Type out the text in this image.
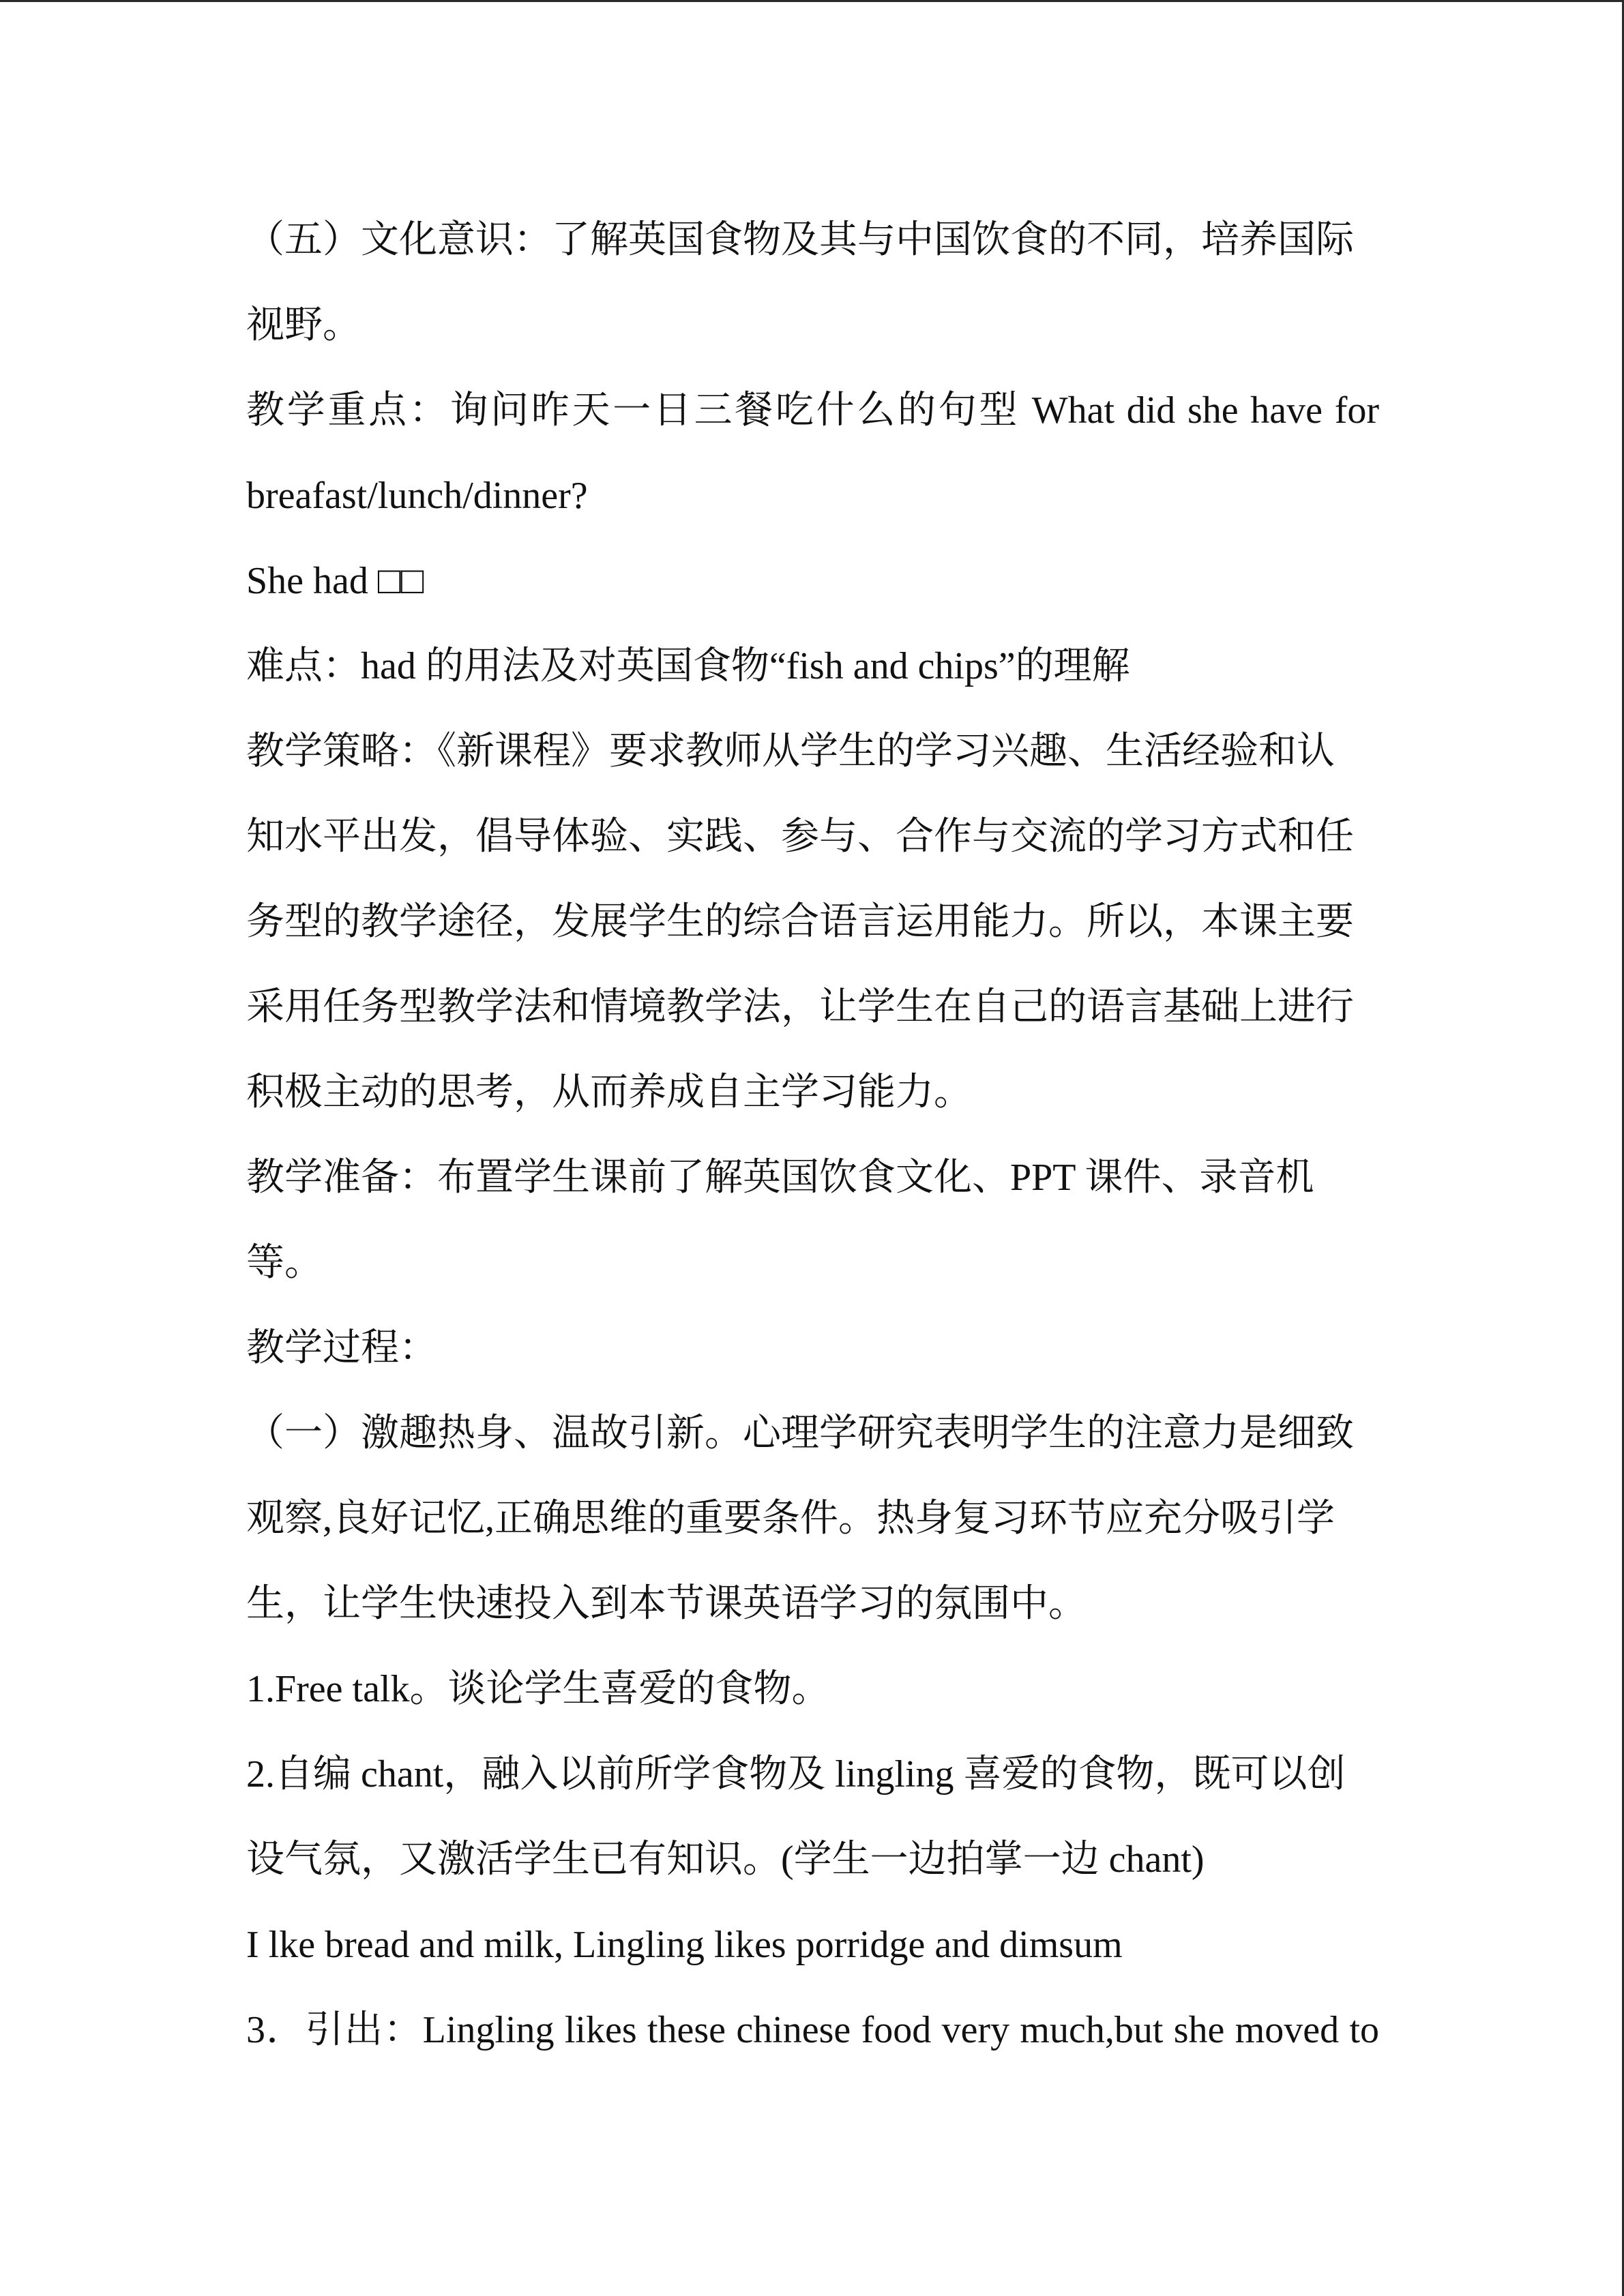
（五）文化意识：了解英国食物及其与中国饮食的不同，培养国际
视野。
教学重点：询问昨天一日三餐吃什么的句型 What did she have for
breafast/lunch/dinner?
She had □□
难点：had 的用法及对英国食物“fish and chips”的理解
教学策略：《新课程》要求教师从学生的学习兴趣、生活经验和认
知水平出发，倡导体验、实践、参与、合作与交流的学习方式和任
务型的教学途径，发展学生的综合语言运用能力。所以，本课主要
采用任务型教学法和情境教学法，让学生在自己的语言基础上进行
积极主动的思考，从而养成自主学习能力。
教学准备：布置学生课前了解英国饮食文化、PPT 课件、录音机
等。
教学过程：
（一）激趣热身、温故引新。心理学研究表明学生的注意力是细致
观察,良好记忆,正确思维的重要条件。热身复习环节应充分吸引学
生，让学生快速投入到本节课英语学习的氛围中。
1.Free talk。谈论学生喜爱的食物。
2.自编 chant，融入以前所学食物及 lingling 喜爱的食物，既可以创
设气氛，又激活学生已有知识。(学生一边拍掌一边 chant)
I lke bread and milk, Lingling likes porridge and dimsum
3．引出：Lingling likes these chinese food very much,but she moved to
